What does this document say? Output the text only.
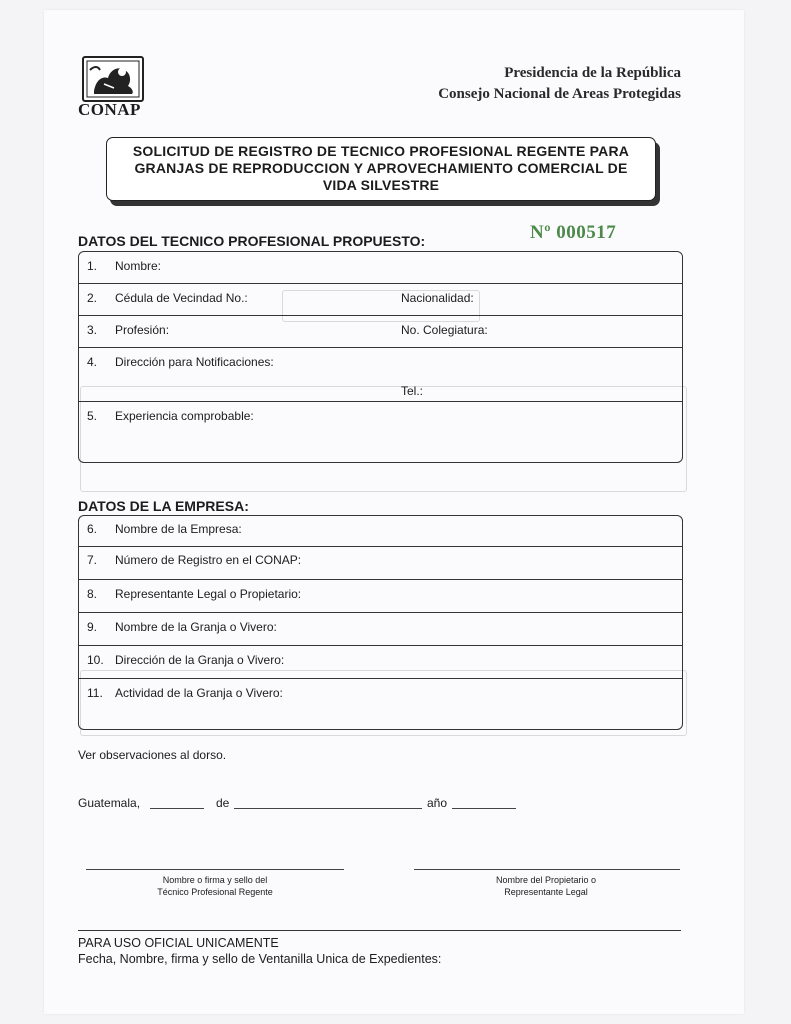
CONAP
Presidencia de la República
Consejo Nacional de Areas Protegidas
SOLICITUD DE REGISTRO DE TECNICO PROFESIONAL REGENTE PARA
GRANJAS DE REPRODUCCION Y APROVECHAMIENTO COMERCIAL DE
VIDA SILVESTRE
Nº 000517
DATOS DEL TECNICO PROFESIONAL PROPUESTO:
1. Nombre:
2. Cédula de Vecindad No.:	Nacionalidad:
3. Profesión:	No. Colegiatura:
4. Dirección para Notificaciones:
Tel.:
5. Experiencia comprobable:
DATOS DE LA EMPRESA:
6. Nombre de la Empresa:
7. Número de Registro en el CONAP:
8. Representante Legal o Propietario:
9. Nombre de la Granja o Vivero:
10. Dirección de la Granja o Vivero:
11. Actividad de la Granja o Vivero:
Ver observaciones al dorso.
Guatemala,	de	año
Nombre o firma y sello del
Técnico Profesional Regente
Nombre del Propietario o
Representante Legal
PARA USO OFICIAL UNICAMENTE
Fecha, Nombre, firma y sello de Ventanilla Unica de Expedientes:
